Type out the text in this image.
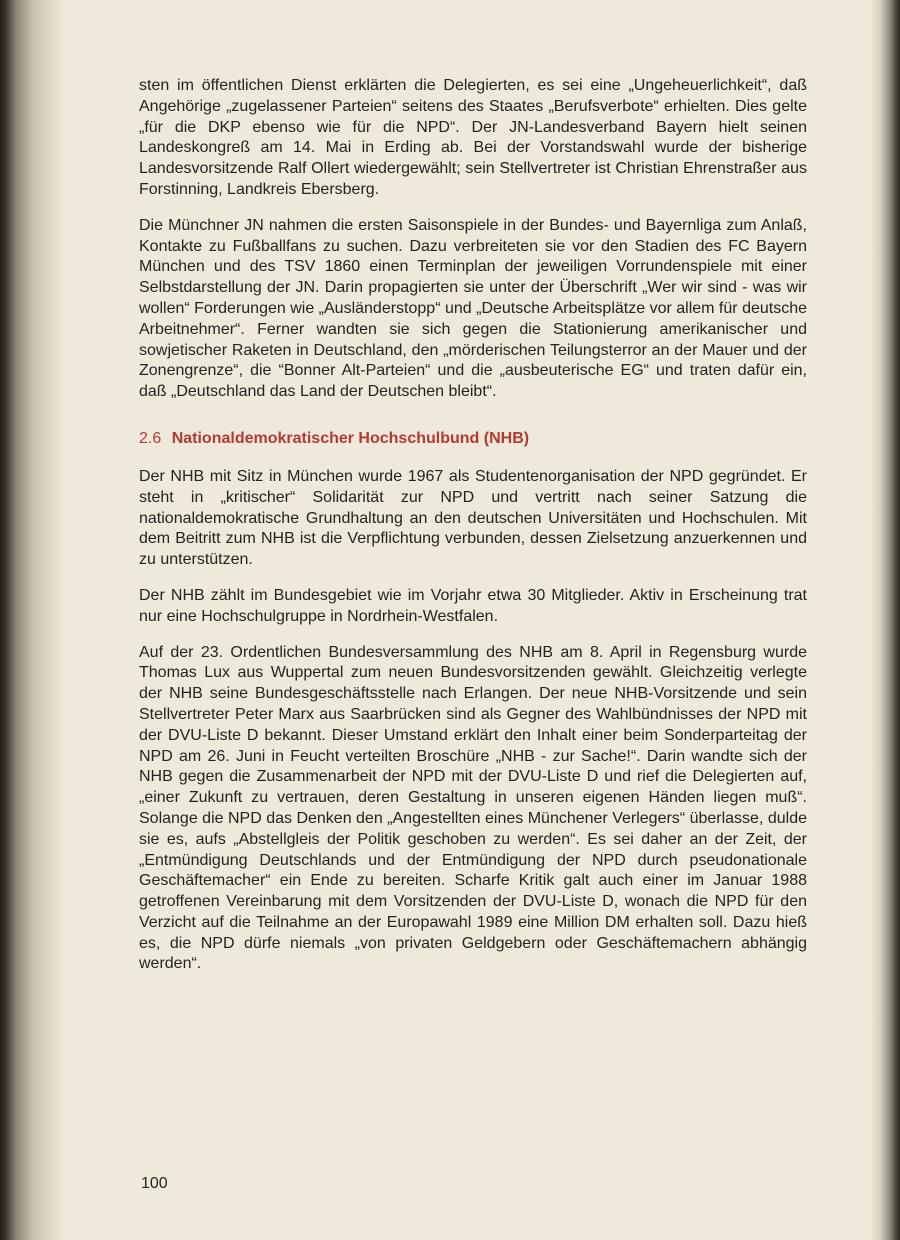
sten im öffentlichen Dienst erklärten die Delegierten, es sei eine „Ungeheuerlichkeit“, daß Angehörige „zugelassener Parteien“ seitens des Staates „Berufsverbote“ erhielten. Dies gelte „für die DKP ebenso wie für die NPD“. Der JN-Landesverband Bayern hielt seinen Landeskongreß am 14. Mai in Erding ab. Bei der Vorstandswahl wurde der bisherige Landesvorsitzende Ralf Ollert wiedergewählt; sein Stellvertreter ist Christian Ehrenstraßer aus Forstinning, Landkreis Ebersberg.

Die Münchner JN nahmen die ersten Saisonspiele in der Bundes- und Bayernliga zum Anlaß, Kontakte zu Fußballfans zu suchen. Dazu verbreiteten sie vor den Stadien des FC Bayern München und des TSV 1860 einen Terminplan der jeweiligen Vorrundenspiele mit einer Selbstdarstellung der JN. Darin propagierten sie unter der Überschrift „Wer wir sind - was wir wollen“ Forderungen wie „Ausländerstopp“ und „Deutsche Arbeitsplätze vor allem für deutsche Arbeitnehmer“. Ferner wandten sie sich gegen die Stationierung amerikanischer und sowjetischer Raketen in Deutschland, den „mörderischen Teilungsterror an der Mauer und der Zonengrenze“, die “Bonner Alt-Parteien“ und die „ausbeuterische EG“ und traten dafür ein, daß „Deutschland das Land der Deutschen bleibt“.

2.6 Nationaldemokratischer Hochschulbund (NHB)

Der NHB mit Sitz in München wurde 1967 als Studentenorganisation der NPD gegründet. Er steht in „kritischer“ Solidarität zur NPD und vertritt nach seiner Satzung die nationaldemokratische Grundhaltung an den deutschen Universitäten und Hochschulen. Mit dem Beitritt zum NHB ist die Verpflichtung verbunden, dessen Zielsetzung anzuerkennen und zu unterstützen.

Der NHB zählt im Bundesgebiet wie im Vorjahr etwa 30 Mitglieder. Aktiv in Erscheinung trat nur eine Hochschulgruppe in Nordrhein-Westfalen.

Auf der 23. Ordentlichen Bundesversammlung des NHB am 8. April in Regensburg wurde Thomas Lux aus Wuppertal zum neuen Bundesvorsitzenden gewählt. Gleichzeitig verlegte der NHB seine Bundesgeschäftsstelle nach Erlangen. Der neue NHB-Vorsitzende und sein Stellvertreter Peter Marx aus Saarbrücken sind als Gegner des Wahlbündnisses der NPD mit der DVU-Liste D bekannt. Dieser Umstand erklärt den Inhalt einer beim Sonderparteitag der NPD am 26. Juni in Feucht verteilten Broschüre „NHB - zur Sache!“. Darin wandte sich der NHB gegen die Zusammenarbeit der NPD mit der DVU-Liste D und rief die Delegierten auf, „einer Zukunft zu vertrauen, deren Gestaltung in unseren eigenen Händen liegen muß“. Solange die NPD das Denken den „Angestellten eines Münchener Verlegers“ überlasse, dulde sie es, aufs „Abstellgleis der Politik geschoben zu werden“. Es sei daher an der Zeit, der „Entmündigung Deutschlands und der Entmündigung der NPD durch pseudonationale Geschäftemacher“ ein Ende zu bereiten. Scharfe Kritik galt auch einer im Januar 1988 getroffenen Vereinbarung mit dem Vorsitzenden der DVU-Liste D, wonach die NPD für den Verzicht auf die Teilnahme an der Europawahl 1989 eine Million DM erhalten soll. Dazu hieß es, die NPD dürfe niemals „von privaten Geldgebern oder Geschäftemachern abhängig werden“.

100
